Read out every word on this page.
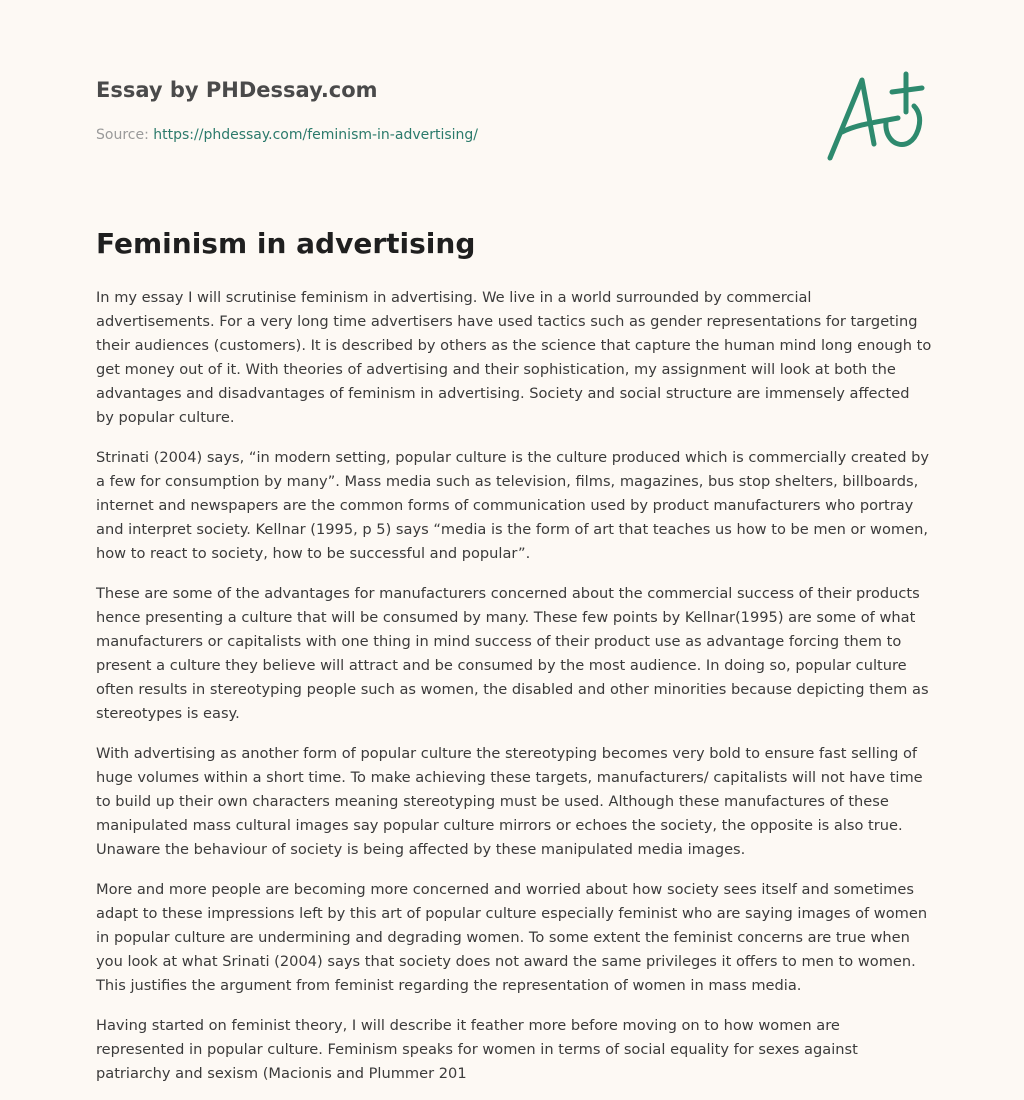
Essay by PHDessay.com
Source: https://phdessay.com/feminism-in-advertising/
Feminism in advertising

In my essay I will scrutinise feminism in advertising. We live in a world surrounded by commercial advertisements. For a very long time advertisers have used tactics such as gender representations for targeting their audiences (customers). It is described by others as the science that capture the human mind long enough to get money out of it. With theories of advertising and their sophistication, my assignment will look at both the advantages and disadvantages of feminism in advertising. Society and social structure are immensely affected by popular culture.

Strinati (2004) says, “in modern setting, popular culture is the culture produced which is commercially created by a few for consumption by many”. Mass media such as television, films, magazines, bus stop shelters, billboards, internet and newspapers are the common forms of communication used by product manufacturers who portray and interpret society. Kellnar (1995, p 5) says “media is the form of art that teaches us how to be men or women, how to react to society, how to be successful and popular”.

These are some of the advantages for manufacturers concerned about the commercial success of their products hence presenting a culture that will be consumed by many. These few points by Kellnar(1995) are some of what manufacturers or capitalists with one thing in mind success of their product use as advantage forcing them to present a culture they believe will attract and be consumed by the most audience. In doing so, popular culture often results in stereotyping people such as women, the disabled and other minorities because depicting them as stereotypes is easy.

With advertising as another form of popular culture the stereotyping becomes very bold to ensure fast selling of huge volumes within a short time. To make achieving these targets, manufacturers/ capitalists will not have time to build up their own characters meaning stereotyping must be used. Although these manufactures of these manipulated mass cultural images say popular culture mirrors or echoes the society, the opposite is also true. Unaware the behaviour of society is being affected by these manipulated media images.

More and more people are becoming more concerned and worried about how society sees itself and sometimes adapt to these impressions left by this art of popular culture especially feminist who are saying images of women in popular culture are undermining and degrading women. To some extent the feminist concerns are true when you look at what Srinati (2004) says that society does not award the same privileges it offers to men to women. This justifies the argument from feminist regarding the representation of women in mass media.

Having started on feminist theory, I will describe it feather more before moving on to how women are represented in popular culture. Feminism speaks for women in terms of social equality for sexes against patriarchy and sexism (Macionis and Plummer 201
